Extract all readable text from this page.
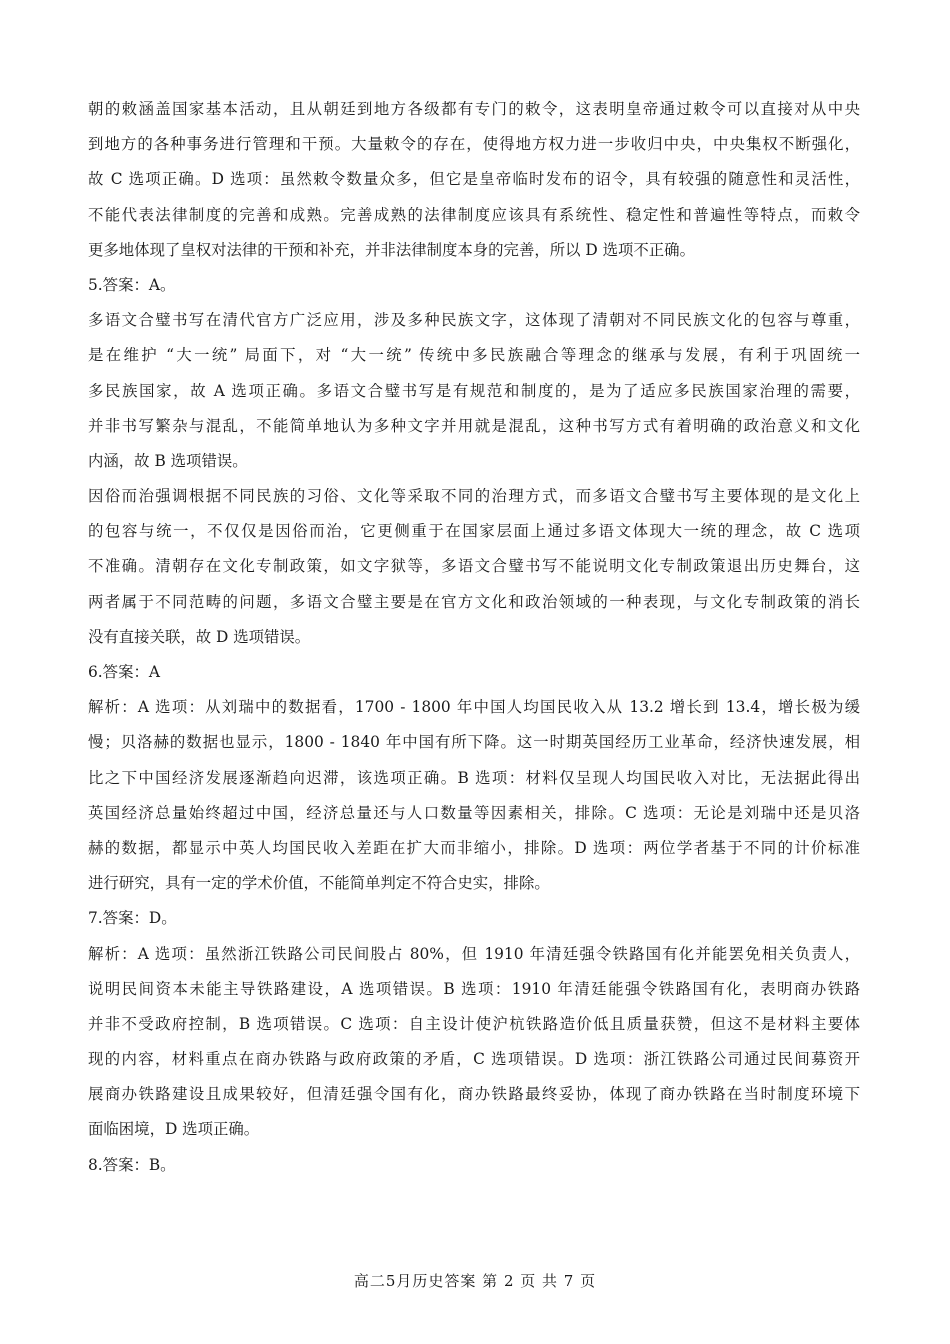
朝的敕涵盖国家基本活动，且从朝廷到地方各级都有专门的敕令，这表明皇帝通过敕令可以直接对从中央
到地方的各种事务进行管理和干预。大量敕令的存在，使得地方权力进一步收归中央，中央集权不断强化，
故 C 选项正确。D 选项：虽然敕令数量众多，但它是皇帝临时发布的诏令，具有较强的随意性和灵活性，
不能代表法律制度的完善和成熟。完善成熟的法律制度应该具有系统性、稳定性和普遍性等特点，而敕令
更多地体现了皇权对法律的干预和补充，并非法律制度本身的完善，所以 D 选项不正确。
5.答案：A。
多语文合璧书写在清代官方广泛应用，涉及多种民族文字，这体现了清朝对不同民族文化的包容与尊重，
是在维护 “大一统” 局面下，对 “大一统” 传统中多民族融合等理念的继承与发展，有利于巩固统一
多民族国家，故 A 选项正确。多语文合璧书写是有规范和制度的，是为了适应多民族国家治理的需要，
并非书写繁杂与混乱，不能简单地认为多种文字并用就是混乱，这种书写方式有着明确的政治意义和文化
内涵，故 B 选项错误。
因俗而治强调根据不同民族的习俗、文化等采取不同的治理方式，而多语文合璧书写主要体现的是文化上
的包容与统一，不仅仅是因俗而治，它更侧重于在国家层面上通过多语文体现大一统的理念，故 C 选项
不准确。清朝存在文化专制政策，如文字狱等，多语文合璧书写不能说明文化专制政策退出历史舞台，这
两者属于不同范畴的问题，多语文合璧主要是在官方文化和政治领域的一种表现，与文化专制政策的消长
没有直接关联，故 D 选项错误。
6.答案：A
解析：A 选项：从刘瑞中的数据看，1700 - 1800 年中国人均国民收入从 13.2 增长到 13.4，增长极为缓
慢；贝洛赫的数据也显示，1800 - 1840 年中国有所下降。这一时期英国经历工业革命，经济快速发展，相
比之下中国经济发展逐渐趋向迟滞，该选项正确。B 选项：材料仅呈现人均国民收入对比，无法据此得出
英国经济总量始终超过中国，经济总量还与人口数量等因素相关，排除。C 选项：无论是刘瑞中还是贝洛
赫的数据，都显示中英人均国民收入差距在扩大而非缩小，排除。D 选项：两位学者基于不同的计价标准
进行研究，具有一定的学术价值，不能简单判定不符合史实，排除。
7.答案：D。
解析：A 选项：虽然浙江铁路公司民间股占 80%，但 1910 年清廷强令铁路国有化并能罢免相关负责人，
说明民间资本未能主导铁路建设，A 选项错误。B 选项：1910 年清廷能强令铁路国有化，表明商办铁路
并非不受政府控制，B 选项错误。C 选项：自主设计使沪杭铁路造价低且质量获赞，但这不是材料主要体
现的内容，材料重点在商办铁路与政府政策的矛盾，C 选项错误。D 选项：浙江铁路公司通过民间募资开
展商办铁路建设且成果较好，但清廷强令国有化，商办铁路最终妥协，体现了商办铁路在当时制度环境下
面临困境，D 选项正确。
8.答案：B。
高二5月历史答案 第 2 页 共 7 页
